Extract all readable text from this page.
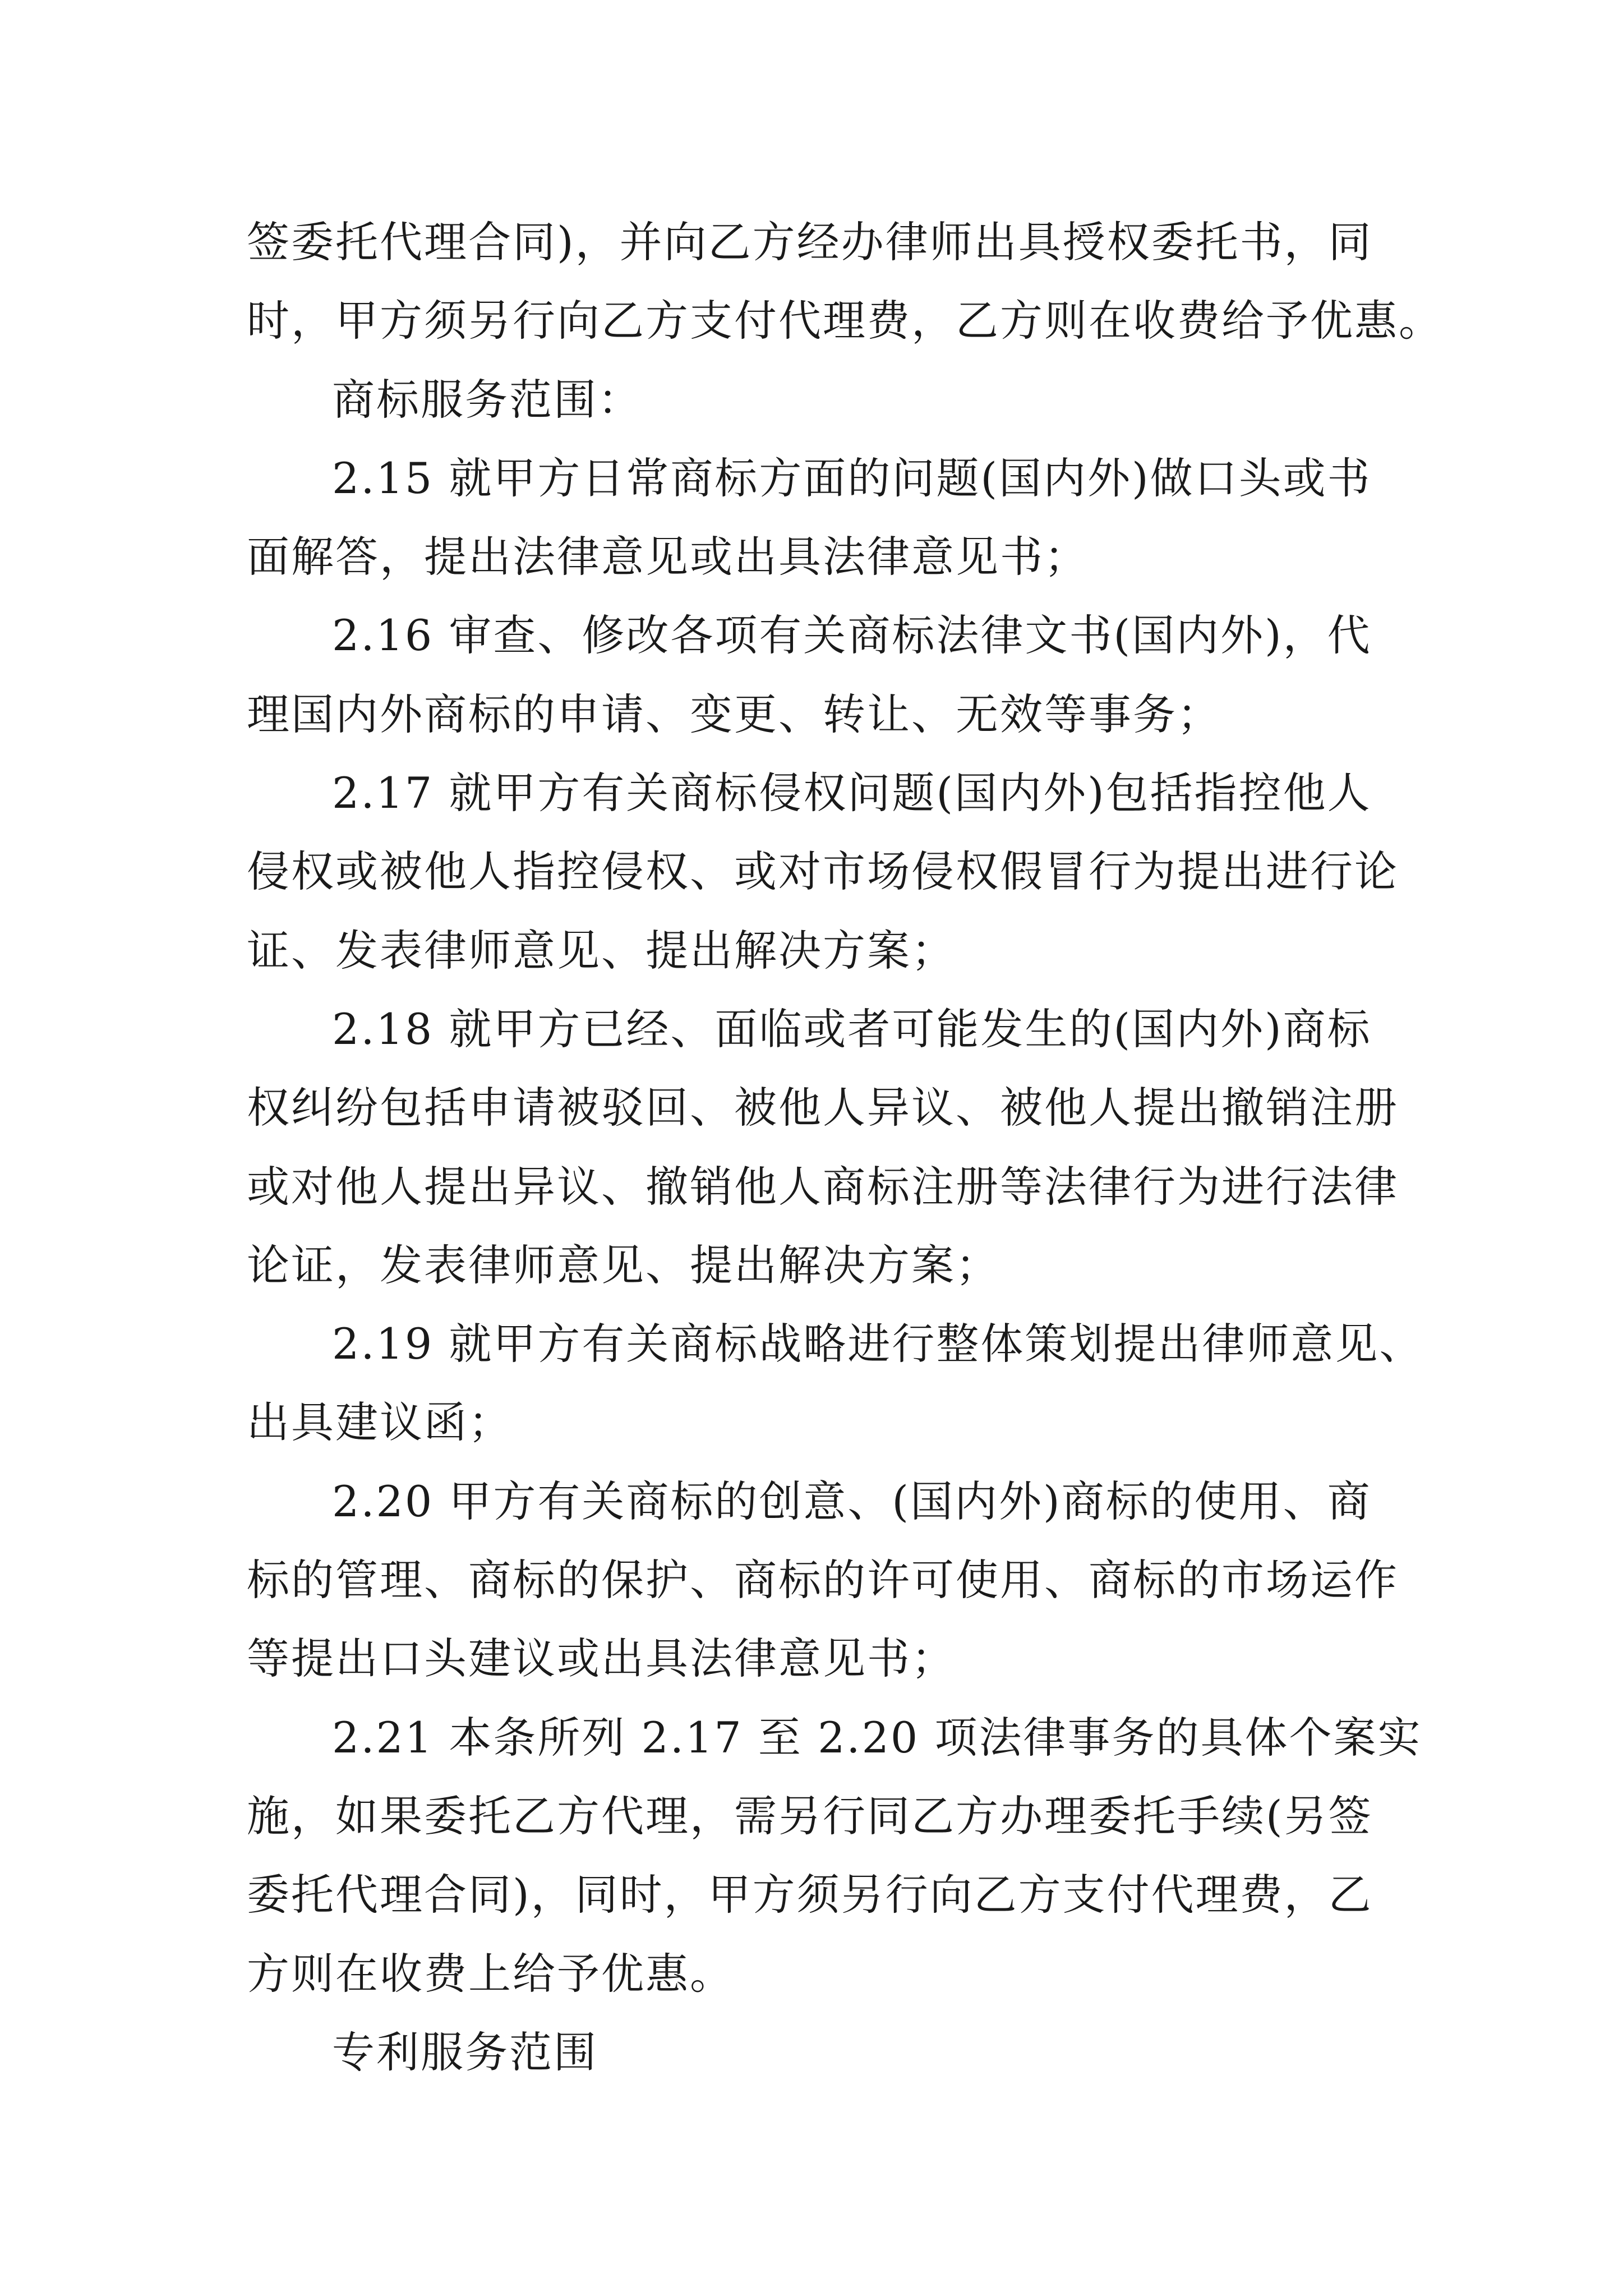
签委托代理合同)，并向乙方经办律师出具授权委托书，同
时，甲方须另行向乙方支付代理费，乙方则在收费给予优惠。
商标服务范围：
2.15 就甲方日常商标方面的问题(国内外)做口头或书
面解答，提出法律意见或出具法律意见书；
2.16 审查、修改各项有关商标法律文书(国内外)，代
理国内外商标的申请、变更、转让、无效等事务；
2.17 就甲方有关商标侵权问题(国内外)包括指控他人
侵权或被他人指控侵权、或对市场侵权假冒行为提出进行论
证、发表律师意见、提出解决方案；
2.18 就甲方已经、面临或者可能发生的(国内外)商标
权纠纷包括申请被驳回、被他人异议、被他人提出撤销注册
或对他人提出异议、撤销他人商标注册等法律行为进行法律
论证，发表律师意见、提出解决方案；
2.19 就甲方有关商标战略进行整体策划提出律师意见、
出具建议函；
2.20 甲方有关商标的创意、(国内外)商标的使用、商
标的管理、商标的保护、商标的许可使用、商标的市场运作
等提出口头建议或出具法律意见书；
2.21 本条所列 2.17 至 2.20 项法律事务的具体个案实
施，如果委托乙方代理，需另行同乙方办理委托手续(另签
委托代理合同)，同时，甲方须另行向乙方支付代理费，乙
方则在收费上给予优惠。
专利服务范围
